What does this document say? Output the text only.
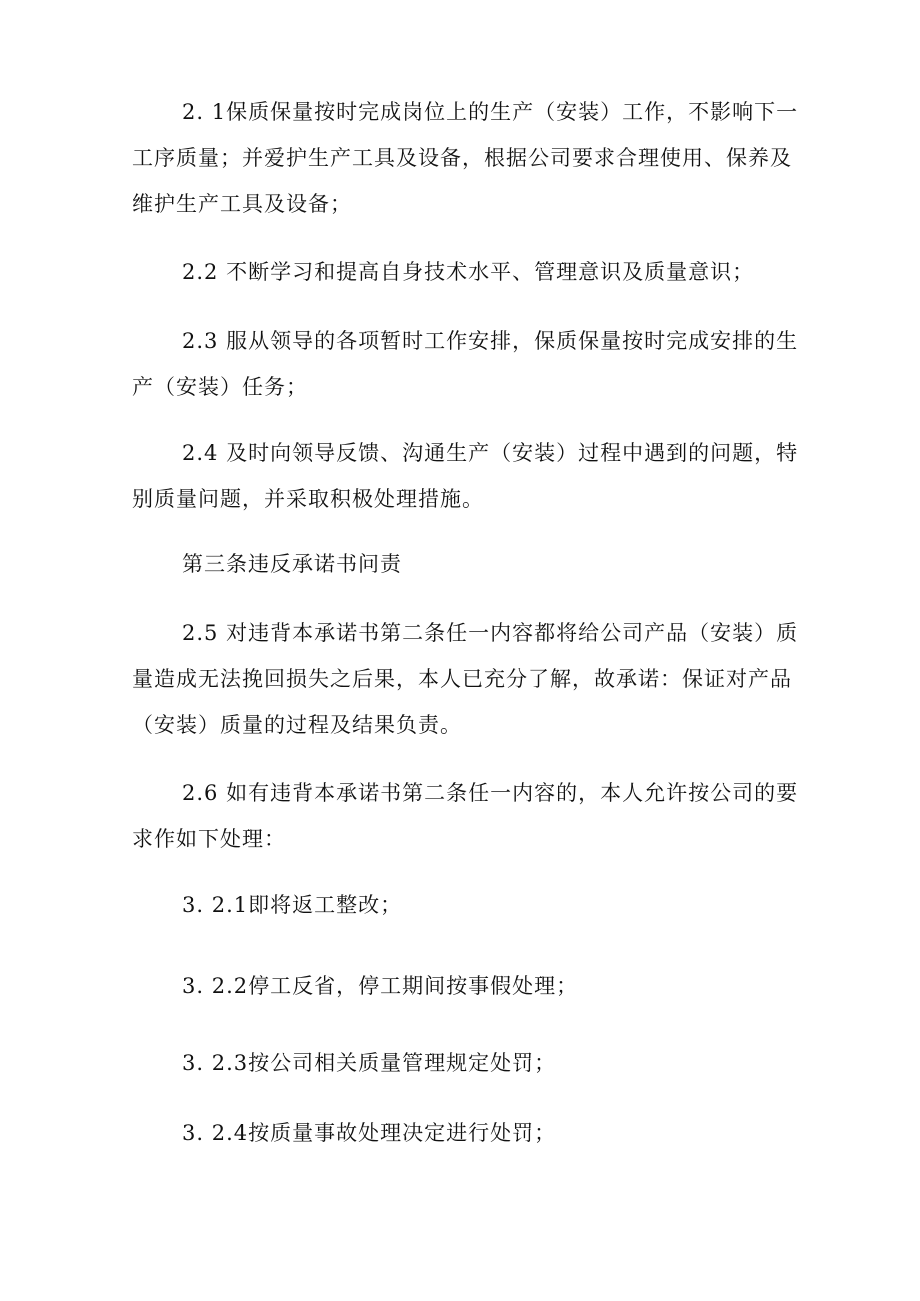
2. 1保质保量按时完成岗位上的生产（安装）工作，不影响下一
工序质量；并爱护生产工具及设备，根据公司要求合理使用、保养及
维护生产工具及设备；

2.2 不断学习和提高自身技术水平、管理意识及质量意识；

2.3 服从领导的各项暂时工作安排，保质保量按时完成安排的生
产（安装）任务；

2.4 及时向领导反馈、沟通生产（安装）过程中遇到的问题，特
别质量问题，并采取积极处理措施。

第三条违反承诺书问责

2.5 对违背本承诺书第二条任一内容都将给公司产品（安装）质
量造成无法挽回损失之后果，本人已充分了解，故承诺：保证对产品
（安装）质量的过程及结果负责。

2.6 如有违背本承诺书第二条任一内容的，本人允许按公司的要
求作如下处理：

3. 2.1即将返工整改；

3. 2.2停工反省，停工期间按事假处理；

3. 2.3按公司相关质量管理规定处罚；

3. 2.4按质量事故处理决定进行处罚；
